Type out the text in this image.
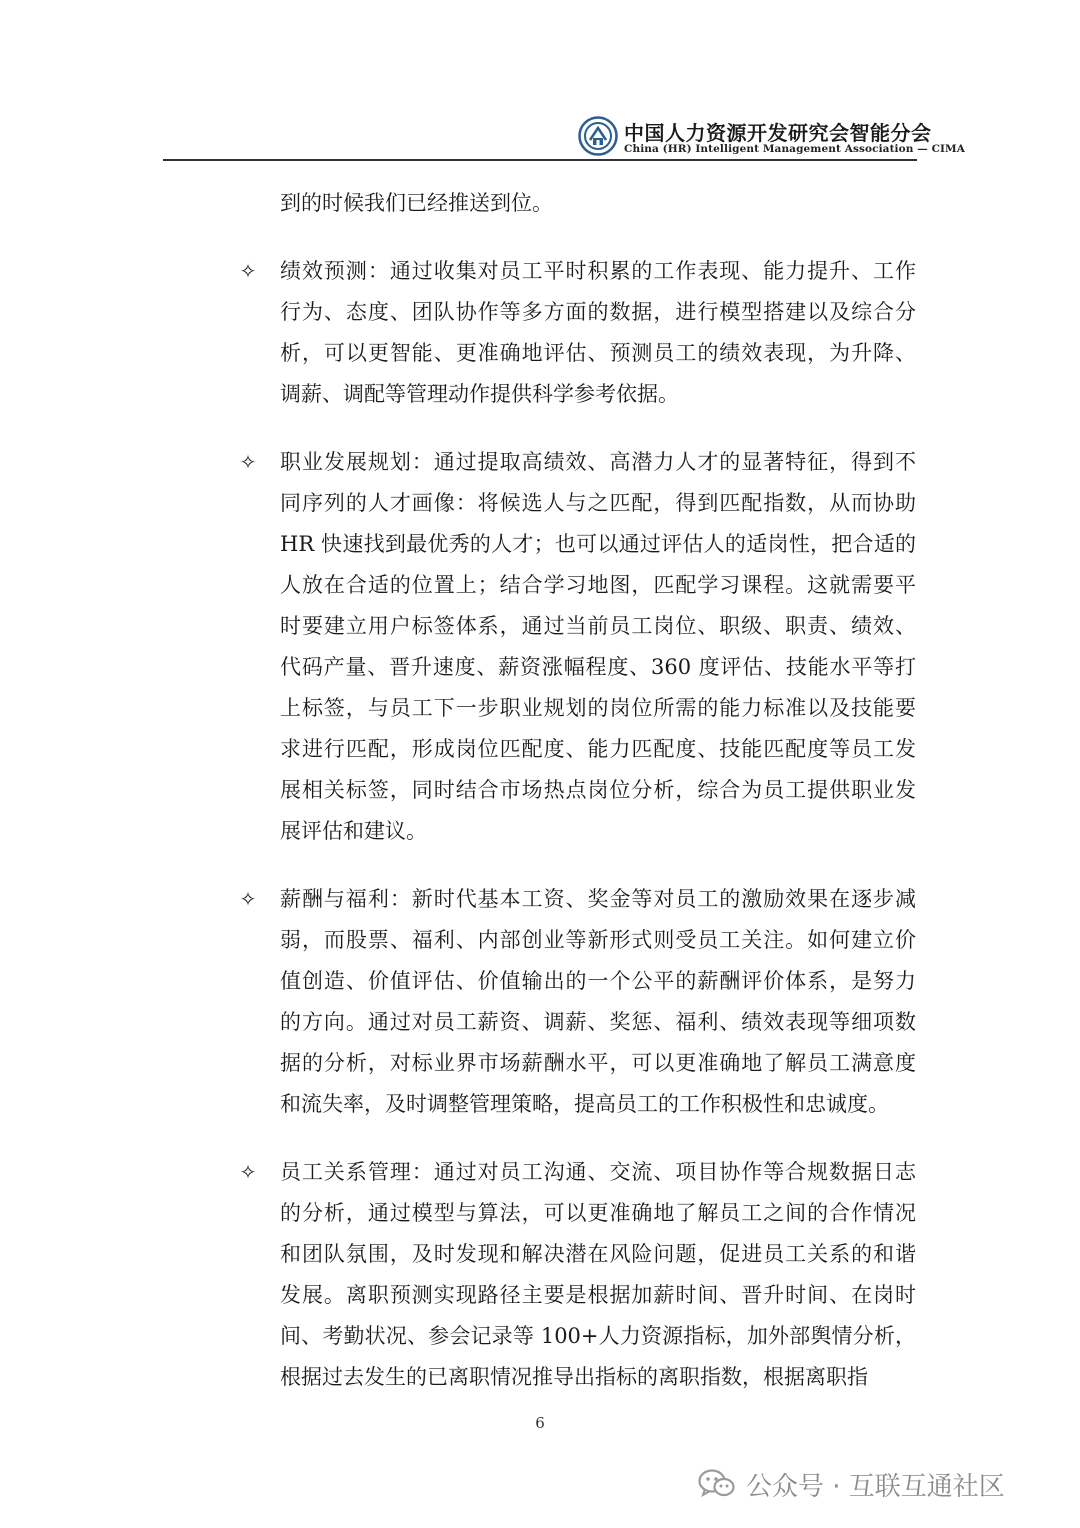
中国人力资源开发研究会智能分会
China (HR) Intelligent Management Association — CIMA
到的时候我们已经推送到位。
✧ 绩效预测：通过收集对员工平时积累的工作表现、能力提升、工作
行为、态度、团队协作等多方面的数据，进行模型搭建以及综合分
析，可以更智能、更准确地评估、预测员工的绩效表现，为升降、
调薪、调配等管理动作提供科学参考依据。
✧ 职业发展规划：通过提取高绩效、高潜力人才的显著特征，得到不
同序列的人才画像：将候选人与之匹配，得到匹配指数，从而协助
HR 快速找到最优秀的人才；也可以通过评估人的适岗性，把合适的
人放在合适的位置上；结合学习地图，匹配学习课程。这就需要平
时要建立用户标签体系，通过当前员工岗位、职级、职责、绩效、
代码产量、晋升速度、薪资涨幅程度、360 度评估、技能水平等打
上标签，与员工下一步职业规划的岗位所需的能力标准以及技能要
求进行匹配，形成岗位匹配度、能力匹配度、技能匹配度等员工发
展相关标签，同时结合市场热点岗位分析，综合为员工提供职业发
展评估和建议。
✧ 薪酬与福利：新时代基本工资、奖金等对员工的激励效果在逐步减
弱，而股票、福利、内部创业等新形式则受员工关注。如何建立价
值创造、价值评估、价值输出的一个公平的薪酬评价体系，是努力
的方向。通过对员工薪资、调薪、奖惩、福利、绩效表现等细项数
据的分析，对标业界市场薪酬水平，可以更准确地了解员工满意度
和流失率，及时调整管理策略，提高员工的工作积极性和忠诚度。
✧ 员工关系管理：通过对员工沟通、交流、项目协作等合规数据日志
的分析，通过模型与算法，可以更准确地了解员工之间的合作情况
和团队氛围，及时发现和解决潜在风险问题，促进员工关系的和谐
发展。离职预测实现路径主要是根据加薪时间、晋升时间、在岗时
间、考勤状况、参会记录等 100+人力资源指标，加外部舆情分析，
根据过去发生的已离职情况推导出指标的离职指数，根据离职指
6
公众号 · 互联互通社区
